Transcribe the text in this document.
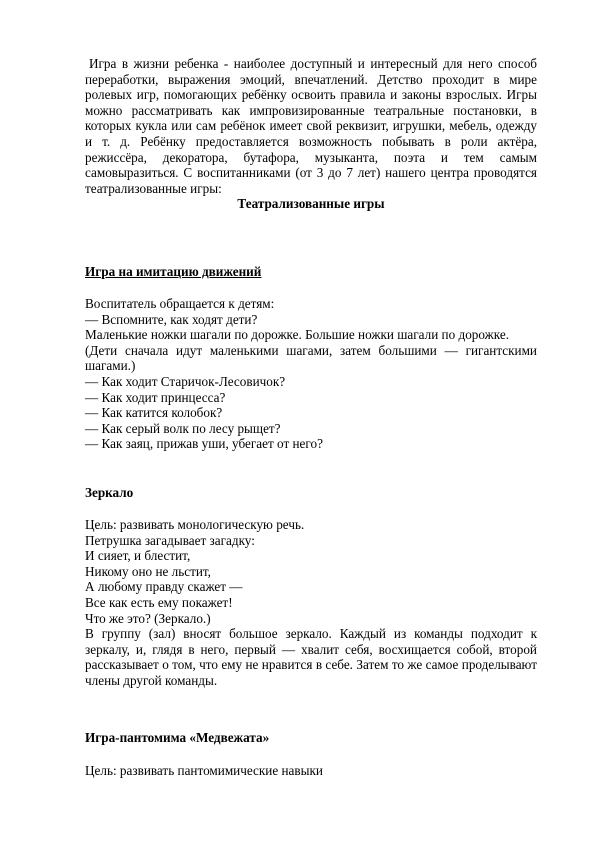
Игра в жизни ребенка - наиболее доступный и интересный для него способ переработки, выражения эмоций, впечатлений. Детство проходит в мире ролевых игр, помогающих ребёнку освоить правила и законы взрослых. Игры можно рассматривать как импровизированные театральные постановки, в которых кукла или сам ребёнок имеет свой реквизит, игрушки, мебель, одежду и т. д. Ребёнку предоставляется возможность побывать в роли актёра, режиссёра, декоратора, бутафора, музыканта, поэта и тем самым самовыразиться. С воспитанниками (от 3 до 7 лет) нашего центра проводятся театрализованные игры:

Театрализованные игры

Игра на имитацию движений

Воспитатель обращается к детям:

— Вспомните, как ходят дети?

Маленькие ножки шагали по дорожке. Большие ножки шагали по дорожке.

(Дети сначала идут маленькими шагами, затем большими — гигантскими шагами.)

— Как ходит Старичок-Лесовичок?

— Как ходит принцесса?

— Как катится колобок?

— Как серый волк по лесу рыщет?

— Как заяц, прижав уши, убегает от него?

Зеркало

Цель: развивать монологическую речь.

Петрушка загадывает загадку:

И сияет, и блестит,

Никому оно не льстит,

А любому правду скажет —

Все как есть ему покажет!

Что же это? (Зеркало.)

В группу (зал) вносят большое зеркало. Каждый из команды подходит к зеркалу, и, глядя в него, первый — хвалит себя, восхищается собой, второй рассказывает о том, что ему не нравится в себе. Затем то же самое проделывают члены другой команды.

Игра-пантомима «Медвежата»

Цель: развивать пантомимические навыки
